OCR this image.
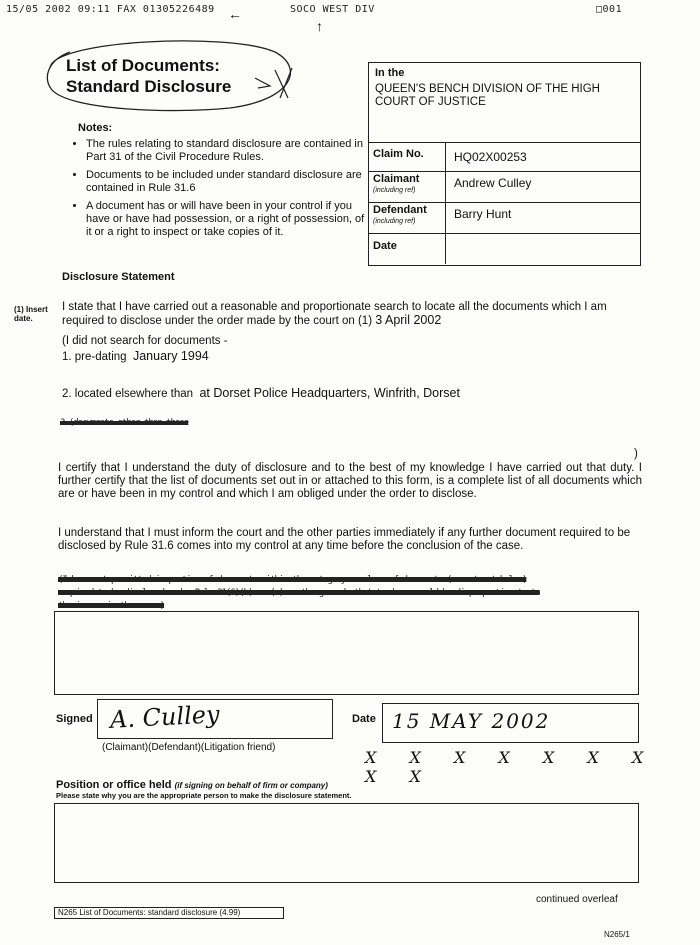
15/05 2002 09:11 FAX 01305226489 ←	SOCO WEST DIV
↑
□001
List of Documents:
Standard Disclosure
Notes:
• The rules relating to standard disclosure are contained in Part 31 of the Civil Procedure Rules.
• Documents to be included under standard disclosure are contained in Rule 31.6
• A document has or will have been in your control if you have or have had possession, or a right of possession, of it or a right to inspect or take copies of it.
In the
QUEEN'S BENCH DIVISION OF THE HIGH COURT OF JUSTICE
Claim No.	HQ02X00253
Claimant
(including ref)
Andrew Culley
Defendant
(including ref)
Barry Hunt
Date
Disclosure Statement
(1) Insert date.
I state that I have carried out a reasonable and proportionate search to locate all the documents which I am required to disclose under the order made by the court on (1) 3 April 2002
(I did not search for documents -
1. pre-dating January 1994
2. located elsewhere than at Dorset Police Headquarters, Winfrith, Dorset
3.(documents other than those
)
I certify that I understand the duty of disclosure and to the best of my knowledge I have carried out that duty. I further certify that the list of documents set out in or attached to this form, is a complete list of all documents which are or have been in my control and which I am obliged under the order to disclose.
I understand that I must inform the court and the other parties immediately if any further document required to be disclosed by Rule 31.6 comes into my control at any time before the conclusion of the case.
(I have not permitted inspection of documents within the category or class of documents (as set out below)
required to be disclosed under Rule 31(6)(b) or (c) on the grounds that to do so would be disproportionate to
the issues in the case.)
Signed A. Culley
(Claimant)(Defendant)(Litigation friend)
Date 15 MAY 2002
X X X X X X X X X
Position or office held (if signing on behalf of firm or company)
Please state why you are the appropriate person to make the disclosure statement.
continued overleaf
N265 List of Documents: standard disclosure (4.99)
N265/1
